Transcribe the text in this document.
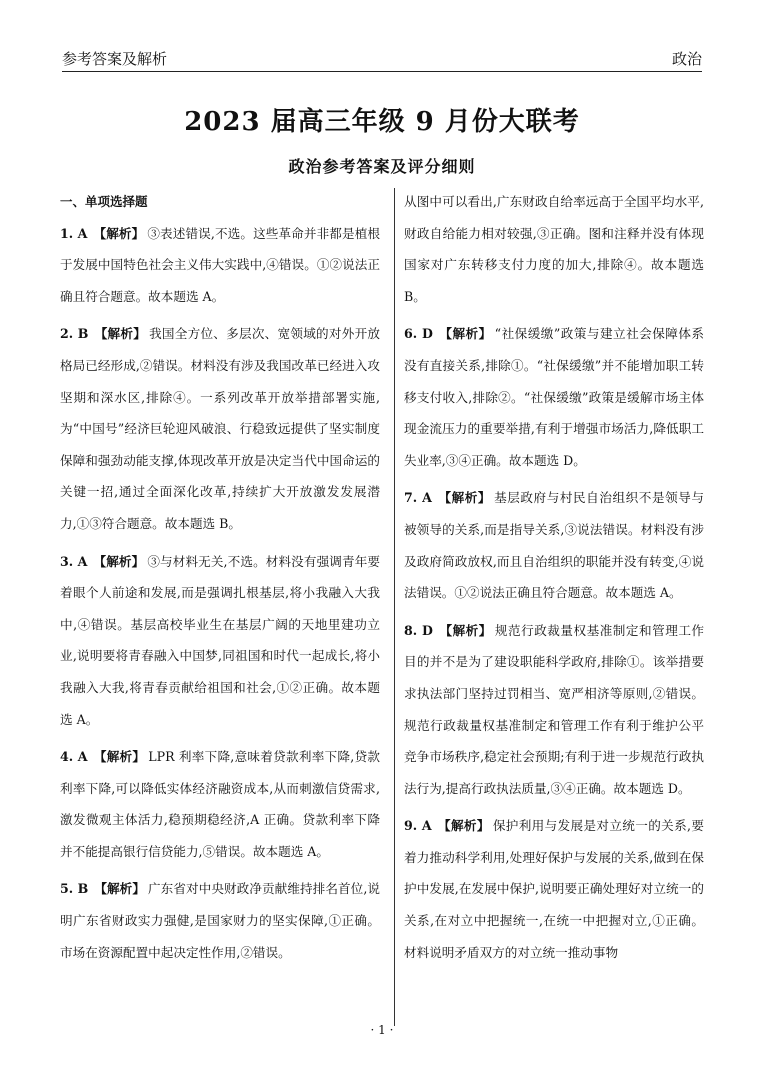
参考答案及解析	政治
2023 届高三年级 9 月份大联考
政治参考答案及评分细则

一、单项选择题

1. A 【解析】 ③表述错误,不选。这些革命并非都是植根于发展中国特色社会主义伟大实践中,④错误。①②说法正确且符合题意。故本题选 A。

2. B 【解析】 我国全方位、多层次、宽领域的对外开放格局已经形成,②错误。材料没有涉及我国改革已经进入攻坚期和深水区,排除④。一系列改革开放举措部署实施,为“中国号”经济巨轮迎风破浪、行稳致远提供了坚实制度保障和强劲动能支撑,体现改革开放是决定当代中国命运的关键一招,通过全面深化改革,持续扩大开放激发发展潜力,①③符合题意。故本题选 B。

3. A 【解析】 ③与材料无关,不选。材料没有强调青年要着眼个人前途和发展,而是强调扎根基层,将小我融入大我中,④错误。基层高校毕业生在基层广阔的天地里建功立业,说明要将青春融入中国梦,同祖国和时代一起成长,将小我融入大我,将青春贡献给祖国和社会,①②正确。故本题选 A。

4. A 【解析】 LPR 利率下降,意味着贷款利率下降,贷款利率下降,可以降低实体经济融资成本,从而刺激信贷需求,激发微观主体活力,稳预期稳经济,A 正确。贷款利率下降并不能提高银行信贷能力,⑤错误。故本题选 A。

5. B 【解析】 广东省对中央财政净贡献维持排名首位,说明广东省财政实力强健,是国家财力的坚实保障,①正确。市场在资源配置中起决定性作用,②错误。

从图中可以看出,广东财政自给率远高于全国平均水平,财政自给能力相对较强,③正确。图和注释并没有体现国家对广东转移支付力度的加大,排除④。故本题选 B。

6. D 【解析】 “社保缓缴”政策与建立社会保障体系没有直接关系,排除①。“社保缓缴”并不能增加职工转移支付收入,排除②。“社保缓缴”政策是缓解市场主体现金流压力的重要举措,有利于增强市场活力,降低职工失业率,③④正确。故本题选 D。

7. A 【解析】 基层政府与村民自治组织不是领导与被领导的关系,而是指导关系,③说法错误。材料没有涉及政府简政放权,而且自治组织的职能并没有转变,④说法错误。①②说法正确且符合题意。故本题选 A。

8. D 【解析】 规范行政裁量权基准制定和管理工作目的并不是为了建设职能科学政府,排除①。该举措要求执法部门坚持过罚相当、宽严相济等原则,②错误。规范行政裁量权基准制定和管理工作有利于维护公平竞争市场秩序,稳定社会预期;有利于进一步规范行政执法行为,提高行政执法质量,③④正确。故本题选 D。

9. A 【解析】 保护利用与发展是对立统一的关系,要着力推动科学利用,处理好保护与发展的关系,做到在保护中发展,在发展中保护,说明要正确处理好对立统一的关系,在对立中把握统一,在统一中把握对立,①正确。材料说明矛盾双方的对立统一推动事物

· 1 ·
